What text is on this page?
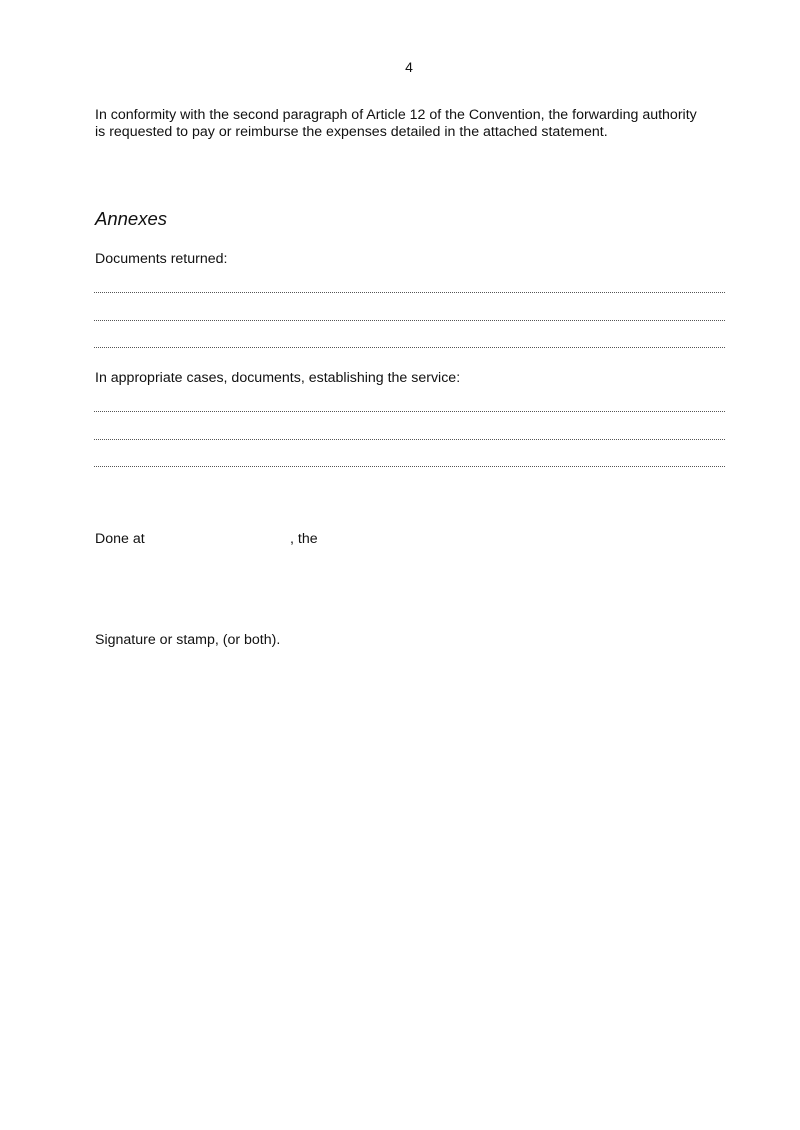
4

In conformity with the second paragraph of Article 12 of the Convention, the forwarding authority
is requested to pay or reimburse the expenses detailed in the attached statement.

Annexes

Documents returned:

In appropriate cases, documents, establishing the service:

Done at	, the

Signature or stamp, (or both).
